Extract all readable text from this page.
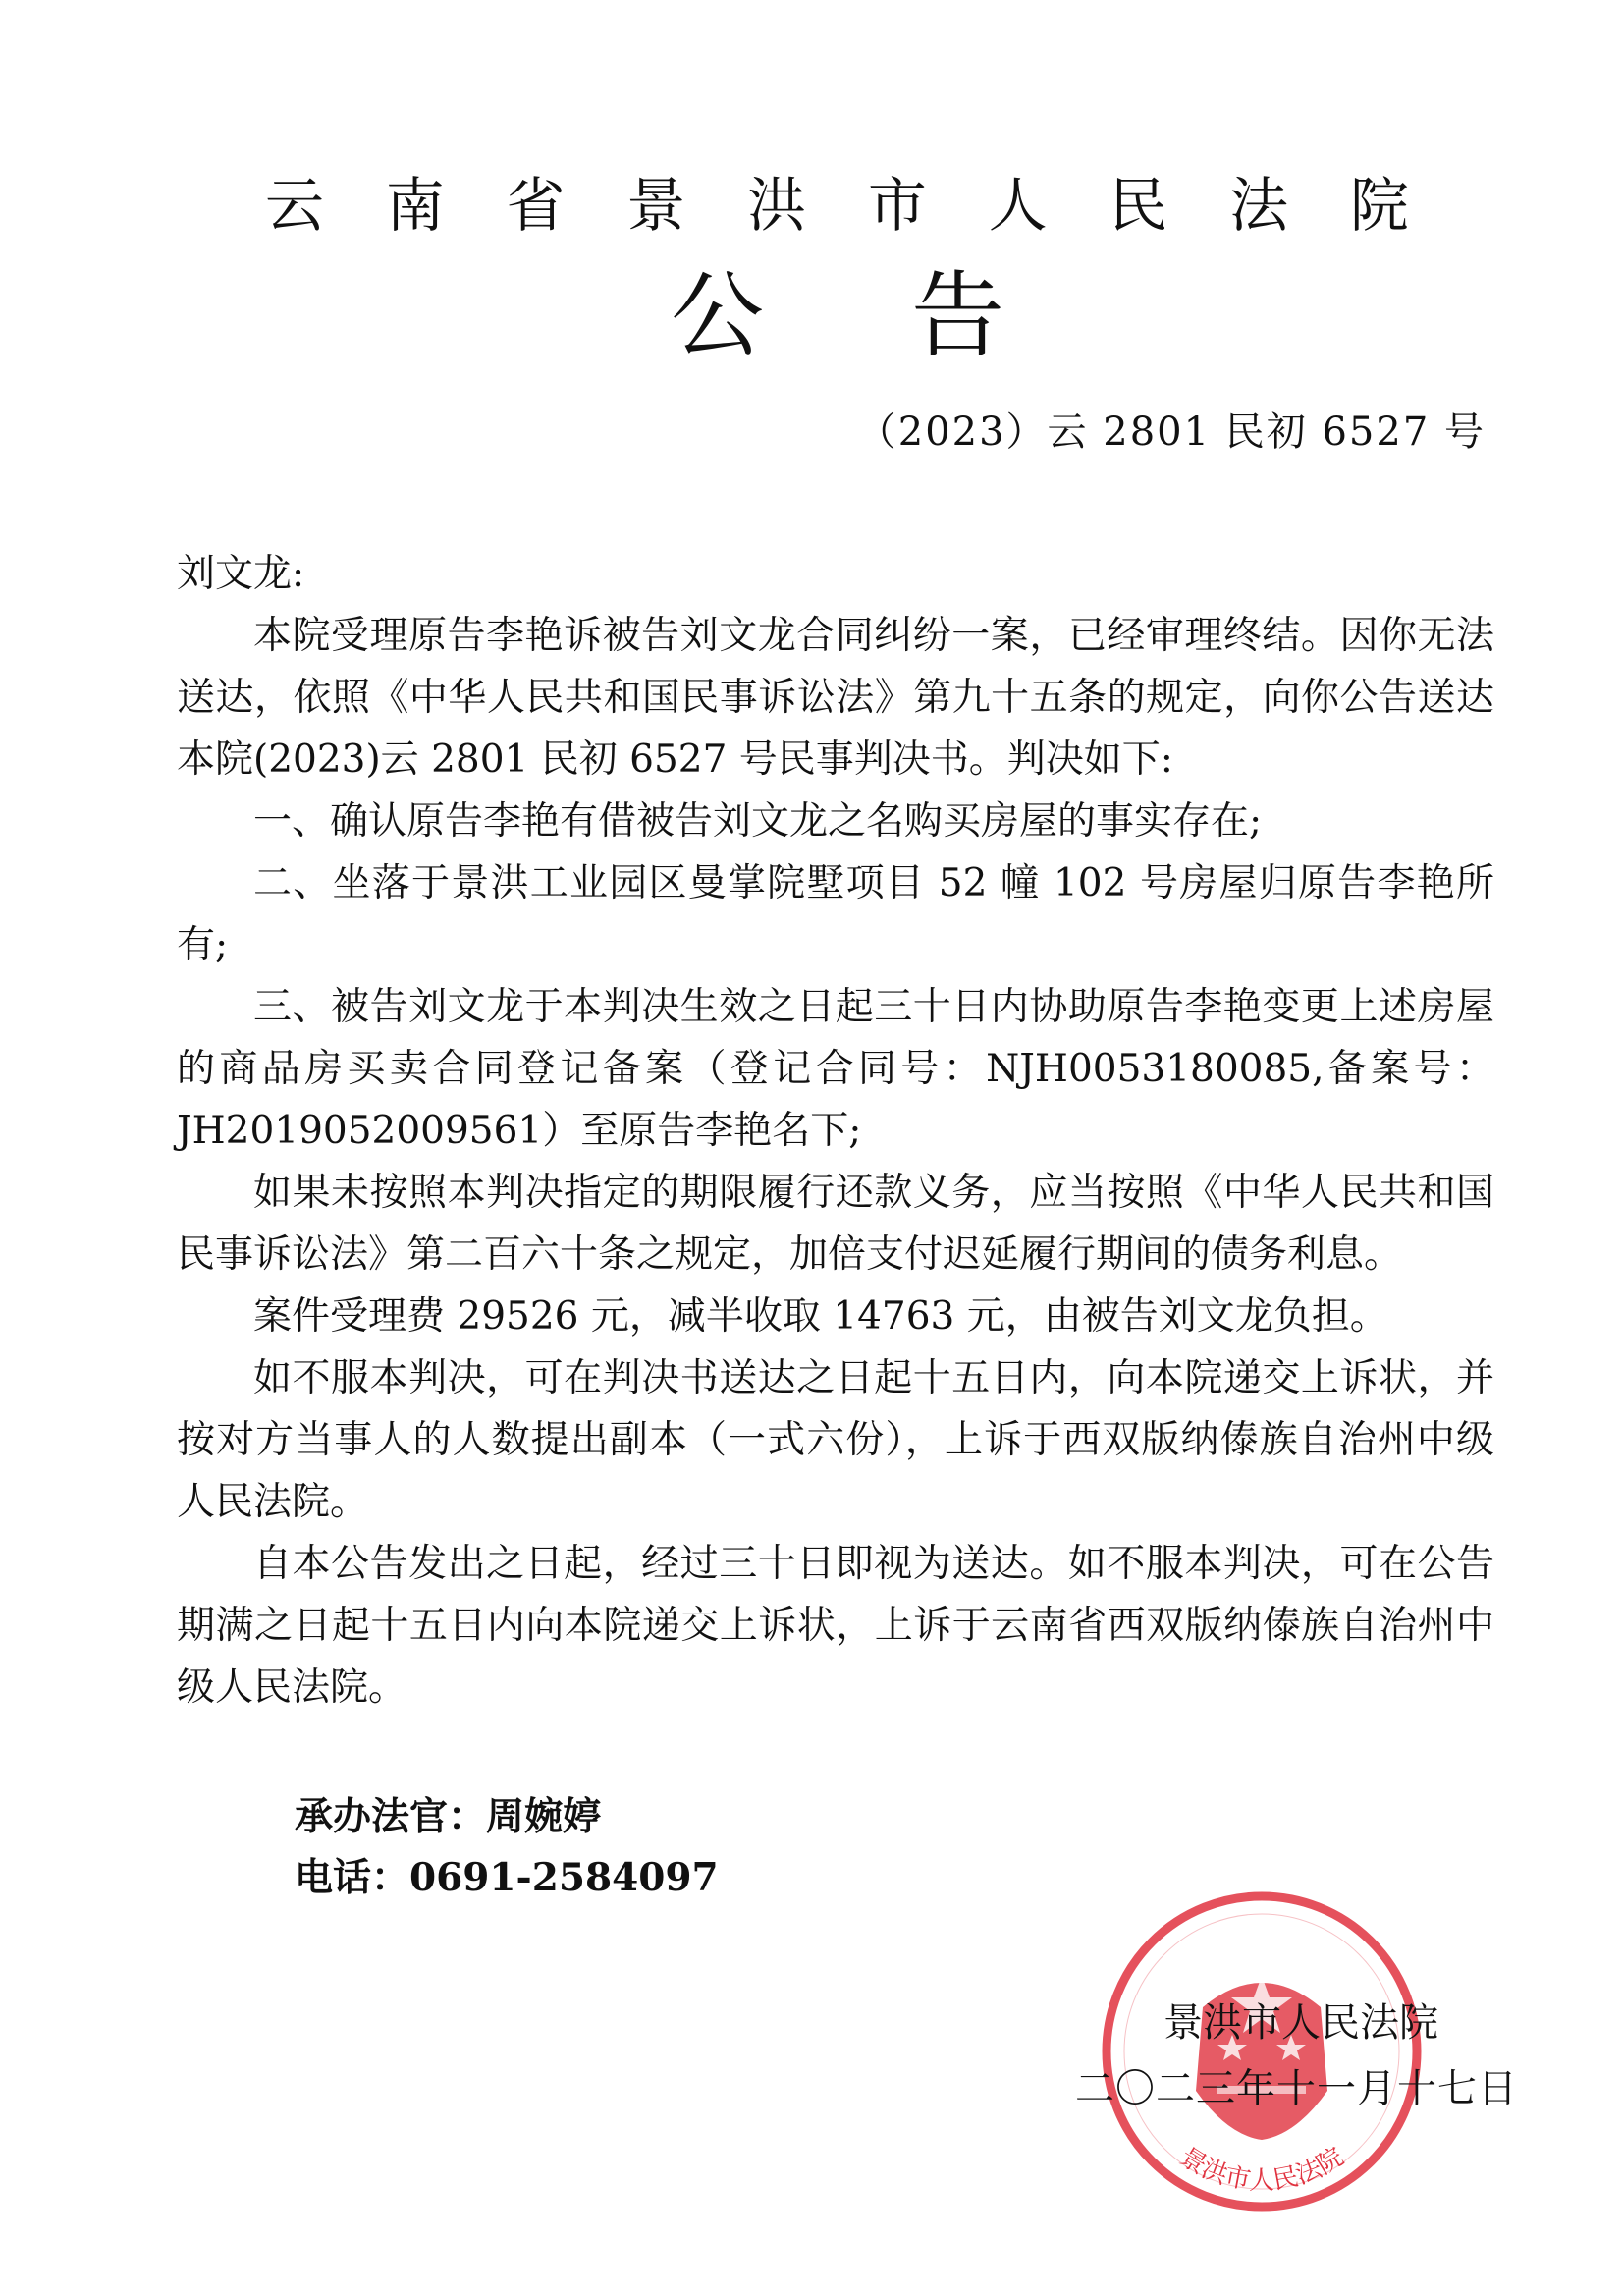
云 南 省 景 洪 市 人 民 法 院
公 告
（2023）云 2801 民初 6527 号

刘文龙:

本院受理原告李艳诉被告刘文龙合同纠纷一案，已经审理终结。因你无法送达，依照《中华人民共和国民事诉讼法》第九十五条的规定，向你公告送达本院(2023)云 2801 民初 6527 号民事判决书。判决如下:

一、确认原告李艳有借被告刘文龙之名购买房屋的事实存在;

二、坐落于景洪工业园区曼掌院墅项目 52 幢 102 号房屋归原告李艳所有;

三、被告刘文龙于本判决生效之日起三十日内协助原告李艳变更上述房屋的商品房买卖合同登记备案（登记合同号：NJH0053180085,备案号：JH2019052009561）至原告李艳名下;

如果未按照本判决指定的期限履行还款义务，应当按照《中华人民共和国民事诉讼法》第二百六十条之规定，加倍支付迟延履行期间的债务利息。

案件受理费 29526 元，减半收取 14763 元，由被告刘文龙负担。

如不服本判决，可在判决书送达之日起十五日内，向本院递交上诉状，并按对方当事人的人数提出副本（一式六份），上诉于西双版纳傣族自治州中级人民法院。

自本公告发出之日起，经过三十日即视为送达。如不服本判决，可在公告期满之日起十五日内向本院递交上诉状，上诉于云南省西双版纳傣族自治州中级人民法院。

承办法官：周婉婷
电话：0691-2584097
景洪市人民法院
景洪市人民法院
二〇二三年十一月十七日
